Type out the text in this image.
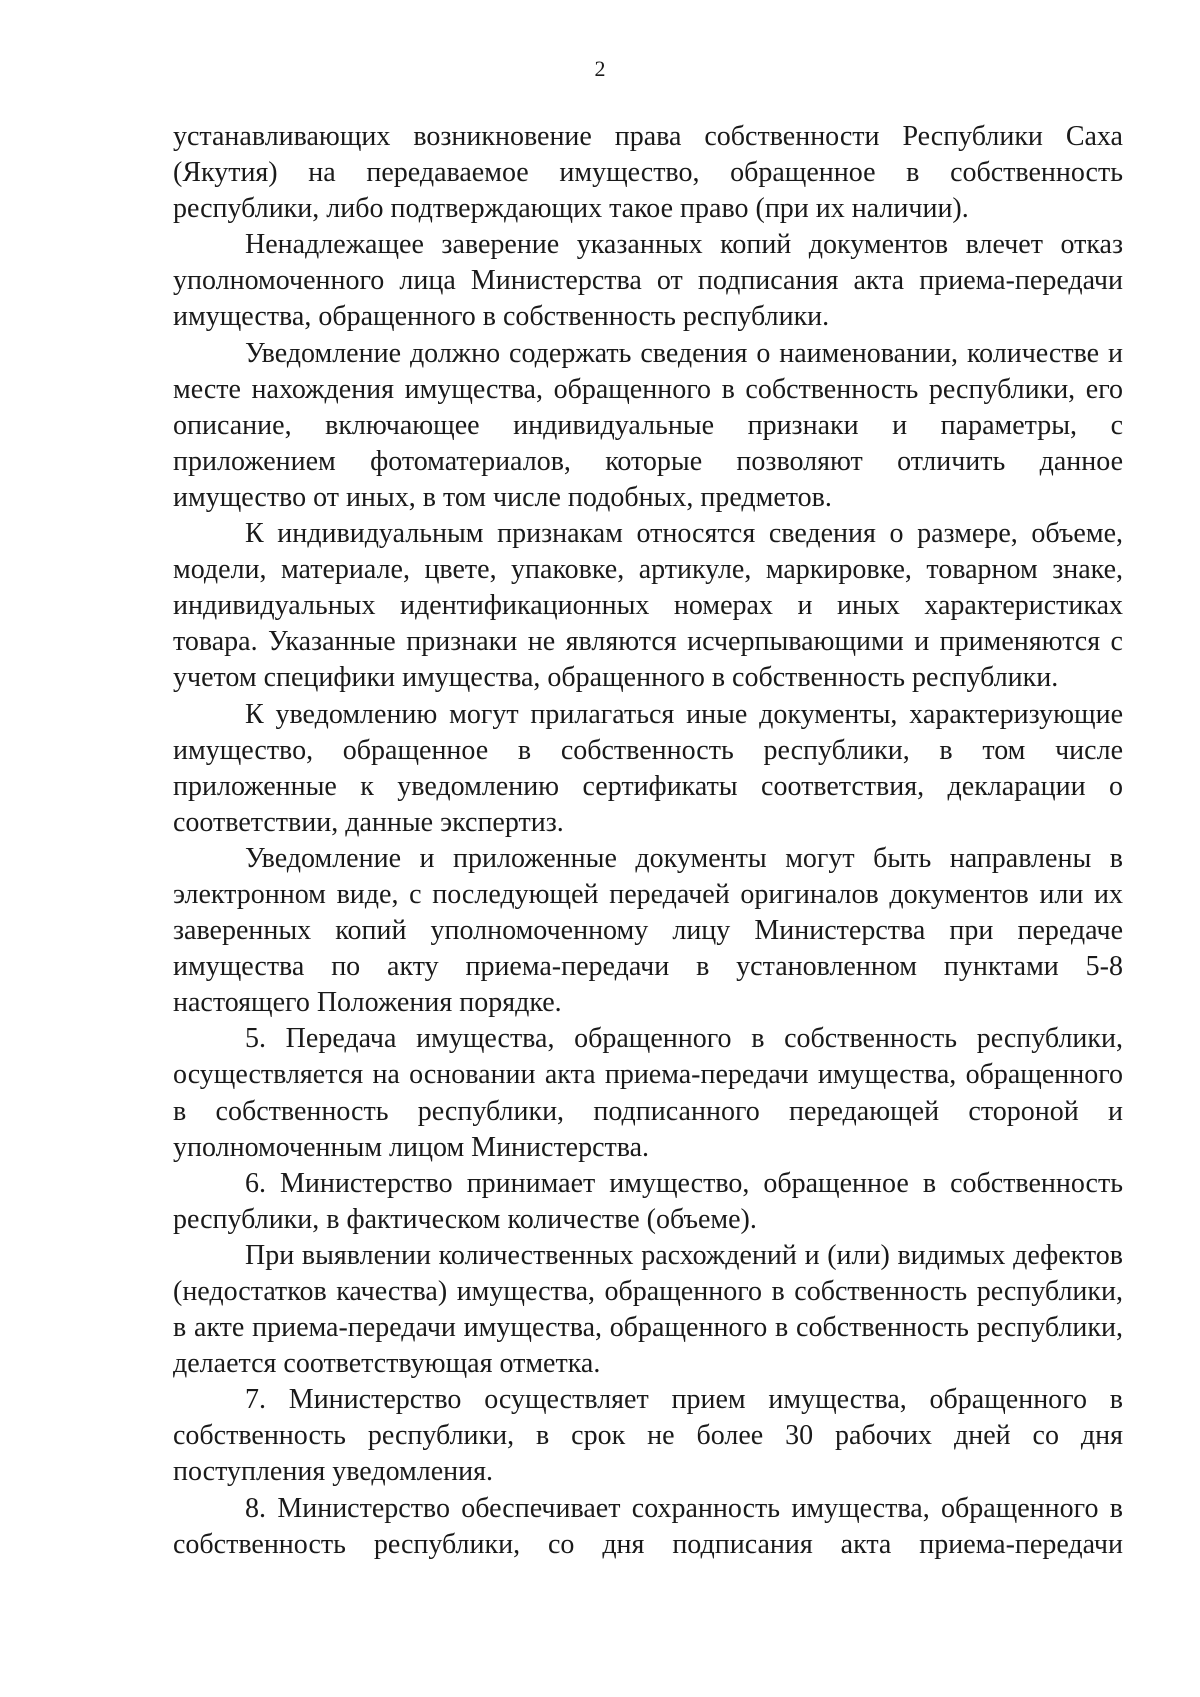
2

устанавливающих возникновение права собственности Республики Саха (Якутия) на передаваемое имущество, обращенное в собственность республики, либо подтверждающих такое право (при их наличии).

Ненадлежащее заверение указанных копий документов влечет отказ уполномоченного лица Министерства от подписания акта приема-передачи имущества, обращенного в собственность республики.

Уведомление должно содержать сведения о наименовании, количестве и месте нахождения имущества, обращенного в собственность республики, его описание, включающее индивидуальные признаки и параметры, с приложением фотоматериалов, которые позволяют отличить данное имущество от иных, в том числе подобных, предметов.

К индивидуальным признакам относятся сведения о размере, объеме, модели, материале, цвете, упаковке, артикуле, маркировке, товарном знаке, индивидуальных идентификационных номерах и иных характеристиках товара. Указанные признаки не являются исчерпывающими и применяются с учетом специфики имущества, обращенного в собственность республики.

К уведомлению могут прилагаться иные документы, характеризующие имущество, обращенное в собственность республики, в том числе приложенные к уведомлению сертификаты соответствия, декларации о соответствии, данные экспертиз.

Уведомление и приложенные документы могут быть направлены в электронном виде, с последующей передачей оригиналов документов или их заверенных копий уполномоченному лицу Министерства при передаче имущества по акту приема-передачи в установленном пунктами 5-8 настоящего Положения порядке.

5. Передача имущества, обращенного в собственность республики, осуществляется на основании акта приема-передачи имущества, обращенного в собственность республики, подписанного передающей стороной и уполномоченным лицом Министерства.

6. Министерство принимает имущество, обращенное в собственность республики, в фактическом количестве (объеме).

При выявлении количественных расхождений и (или) видимых дефектов (недостатков качества) имущества, обращенного в собственность республики, в акте приема-передачи имущества, обращенного в собственность республики, делается соответствующая отметка.

7. Министерство осуществляет прием имущества, обращенного в собственность республики, в срок не более 30 рабочих дней со дня поступления уведомления.

8. Министерство обеспечивает сохранность имущества, обращенного в собственность республики, со дня подписания акта приема-передачи
